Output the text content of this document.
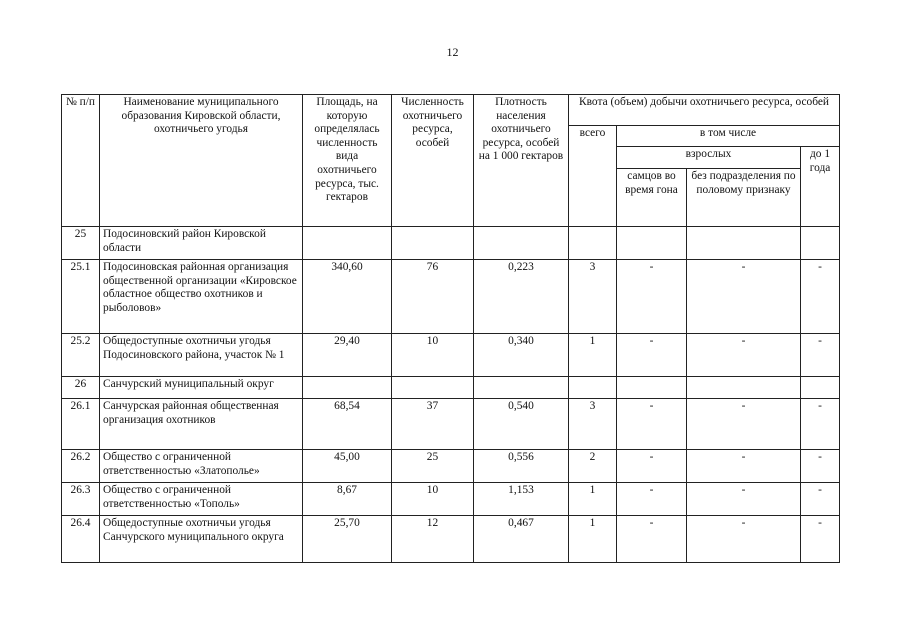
12
№ п/п	Наименование муниципального образования Кировской области, охотничьего угодья	Площадь, на которую определялась численность вида охотничьего ресурса, тыс. гектаров	Численность охотничьего ресурса, особей	Плотность населения охотничьего ресурса, особей на 1 000 гектаров	Квота (объем) добычи охотничьего ресурса, особей			
					всего	в том числе		
						взрослых		до 1 года
						самцов во время гона	без подразделения по половому признаку	
25	Подосиновский район Кировской области							
25.1	Подосиновская районная организация общественной организации «Кировское областное общество охотников и рыболовов»	340,60	76	0,223	3	-	-	-
25.2	Общедоступные охотничьи угодья Подосиновского района, участок № 1	29,40	10	0,340	1	-	-	-
26	Санчурский муниципальный округ							
26.1	Санчурская районная общественная организация охотников	68,54	37	0,540	3	-	-	-
26.2	Общество с ограниченной ответственностью «Златополье»	45,00	25	0,556	2	-	-	-
26.3	Общество с ограниченной ответственностью «Тополь»	8,67	10	1,153	1	-	-	-
26.4	Общедоступные охотничьи угодья Санчурского муниципального округа	25,70	12	0,467	1	-	-	-
